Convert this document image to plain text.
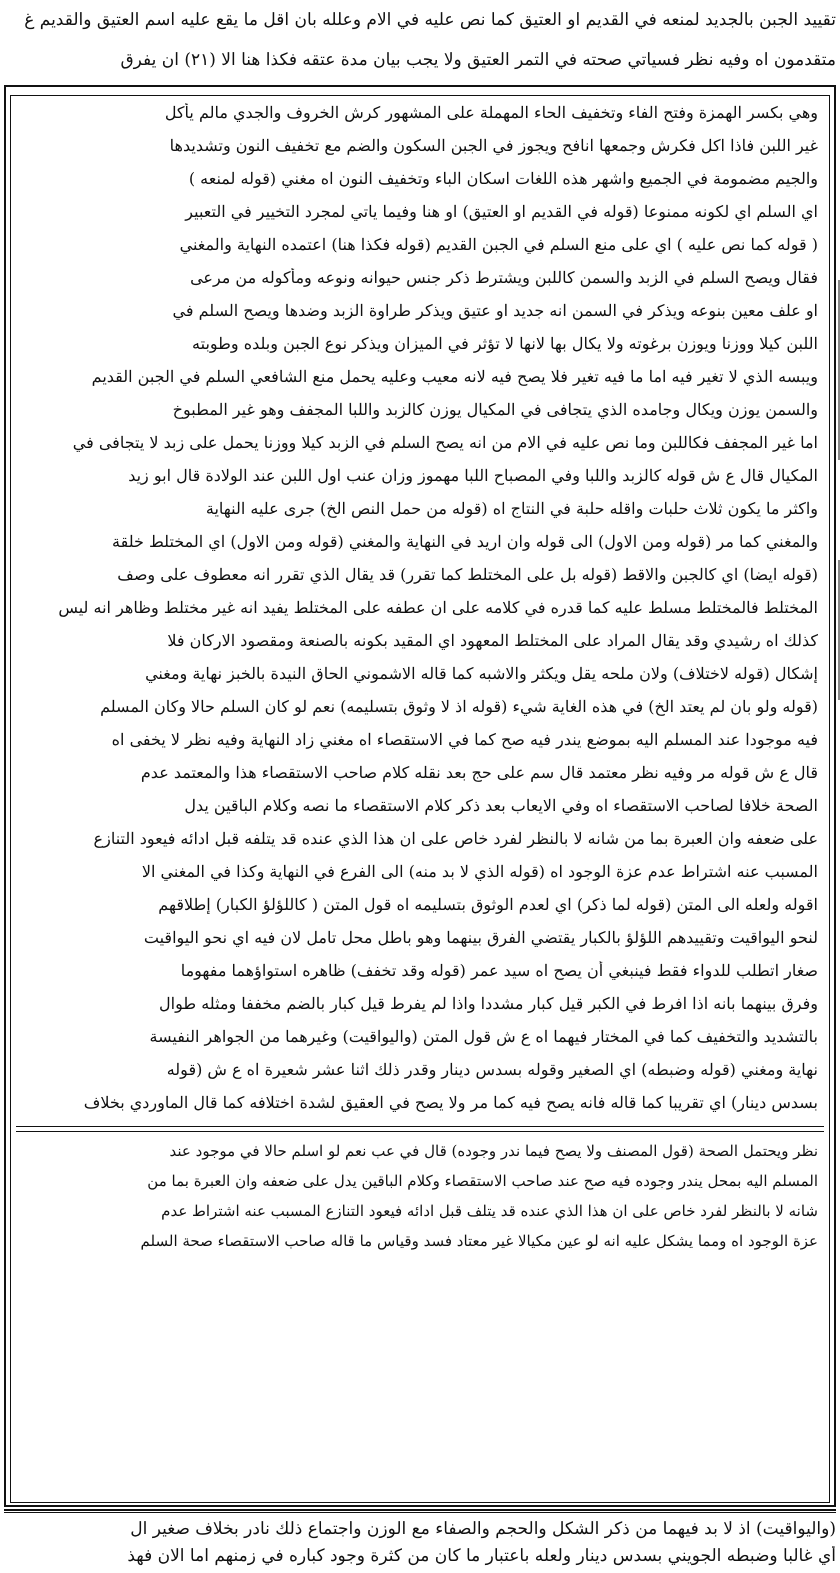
تقييد الجبن بالجديد لمنعه في القديم او العتيق كما نص عليه في الام وعلله بان اقل ما يقع عليه اسم العتيق والقديم غ
متقدمون اه وفيه نظر فسياتي صحته في التمر العتيق ولا يجب بيان مدة عتقه فكذا هنا الا (٢١) ان يفرق
وهي بكسر الهمزة وفتح الفاء وتخفيف الحاء المهملة على المشهور كرش الخروف والجدي مالم يأكل
غير اللبن فاذا اكل فكرش وجمعها انافح ويجوز في الجبن السكون والضم مع تخفيف النون وتشديدها
والجيم مضمومة في الجميع واشهر هذه اللغات اسكان الباء وتخفيف النون اه مغني (قوله لمنعه )
اي السلم اي لكونه ممنوعا (قوله في القديم او العتيق) او هنا وفيما ياتي لمجرد التخيير في التعبير
( قوله كما نص عليه ) اي على منع السلم في الجبن القديم (قوله فكذا هنا) اعتمده النهاية والمغني
فقال ويصح السلم في الزبد والسمن كاللبن ويشترط ذكر جنس حيوانه ونوعه ومأكوله من مرعى
او علف معين بنوعه ويذكر في السمن انه جديد او عتيق ويذكر طراوة الزبد وضدها ويصح السلم في
اللبن كيلا ووزنا ويوزن برغوته ولا يكال بها لانها لا تؤثر في الميزان ويذكر نوع الجبن وبلده وطوبته
ويبسه الذي لا تغير فيه اما ما فيه تغير فلا يصح فيه لانه معيب وعليه يحمل منع الشافعي السلم في الجبن القديم
والسمن يوزن ويكال وجامده الذي يتجافى في المكيال يوزن كالزبد واللبا المجفف وهو غير المطبوخ
اما غير المجفف فكاللبن وما نص عليه في الام من انه يصح السلم في الزبد كيلا ووزنا يحمل على زبد لا يتجافى في
المكيال قال ع ش قوله كالزبد واللبا وفي المصباح اللبا مهموز وزان عنب اول اللبن عند الولادة قال ابو زيد
واكثر ما يكون ثلاث حلبات واقله حلبة في النتاج اه (قوله من حمل النص الخ) جرى عليه النهاية
والمغني كما مر (قوله ومن الاول) الى قوله وان اريد في النهاية والمغني (قوله ومن الاول) اي المختلط خلقة
(قوله ايضا) اي كالجبن والاقط (قوله بل على المختلط كما تقرر) قد يقال الذي تقرر انه معطوف على وصف
المختلط فالمختلط مسلط عليه كما قدره في كلامه على ان عطفه على المختلط يفيد انه غير مختلط وظاهر انه ليس
كذلك اه رشيدي وقد يقال المراد على المختلط المعهود اي المقيد بكونه بالصنعة ومقصود الاركان فلا
إشكال (قوله لاختلاف) ولان ملحه يقل ويكثر والاشبه كما قاله الاشموني الحاق النيدة بالخبز نهاية ومغني
(قوله ولو بان لم يعتد الخ) في هذه الغاية شيء (قوله اذ لا وثوق بتسليمه) نعم لو كان السلم حالا وكان المسلم
فيه موجودا عند المسلم اليه بموضع يندر فيه صح كما في الاستقصاء اه مغني زاد النهاية وفيه نظر لا يخفى اه
قال ع ش قوله مر وفيه نظر معتمد قال سم على حج بعد نقله كلام صاحب الاستقصاء هذا والمعتمد عدم
الصحة خلافا لصاحب الاستقصاء اه وفي الايعاب بعد ذكر كلام الاستقصاء ما نصه وكلام الباقين يدل
على ضعفه وان العبرة بما من شانه لا بالنظر لفرد خاص على ان هذا الذي عنده قد يتلفه قبل ادائه فيعود التنازع
المسبب عنه اشتراط عدم عزة الوجود اه (قوله الذي لا بد منه) الى الفرع في النهاية وكذا في المغني الا
اقوله ولعله الى المتن (قوله لما ذكر) اي لعدم الوثوق بتسليمه اه قول المتن ( كاللؤلؤ الكبار) إطلاقهم
لنحو اليواقيت وتقييدهم اللؤلؤ بالكبار يقتضي الفرق بينهما وهو باطل محل تامل لان فيه اي نحو اليواقيت
صغار اتطلب للدواء فقط فينبغي أن يصح اه سيد عمر (قوله وقد تخفف) ظاهره استواؤهما مفهوما
وفرق بينهما بانه اذا افرط في الكبر قيل كبار مشددا واذا لم يفرط قيل كبار بالضم مخففا ومثله طوال
بالتشديد والتخفيف كما في المختار فيهما اه ع ش قول المتن (واليواقيت) وغيرهما من الجواهر النفيسة
نهاية ومغني (قوله وضبطه) اي الصغير وقوله بسدس دينار وقدر ذلك اثنا عشر شعيرة اه ع ش (قوله
بسدس دينار) اي تقريبا كما قاله فانه يصح فيه كما مر ولا يصح في العقيق لشدة اختلافه كما قال الماوردي بخلاف
نظر ويحتمل الصحة (قول المصنف ولا يصح فيما ندر وجوده) قال في عب نعم لو اسلم حالا في موجود عند
المسلم اليه بمحل يندر وجوده فيه صح عند صاحب الاستقصاء وكلام الباقين يدل على ضعفه وان العبرة بما من
شانه لا بالنظر لفرد خاص على ان هذا الذي عنده قد يتلف قبل ادائه فيعود التنازع المسبب عنه اشتراط عدم
عزة الوجود اه ومما يشكل عليه انه لو عين مكيالا غير معتاد فسد وقياس ما قاله صاحب الاستقصاء صحة السلم
(واليواقيت) اذ لا بد فيهما من ذكر الشكل والحجم والصفاء مع الوزن واجتماع ذلك نادر بخلاف صغير ال
أي غالبا وضبطه الجويني بسدس دينار ولعله باعتبار ما كان من كثرة وجود كباره في زمنهم اما الان فهذ
